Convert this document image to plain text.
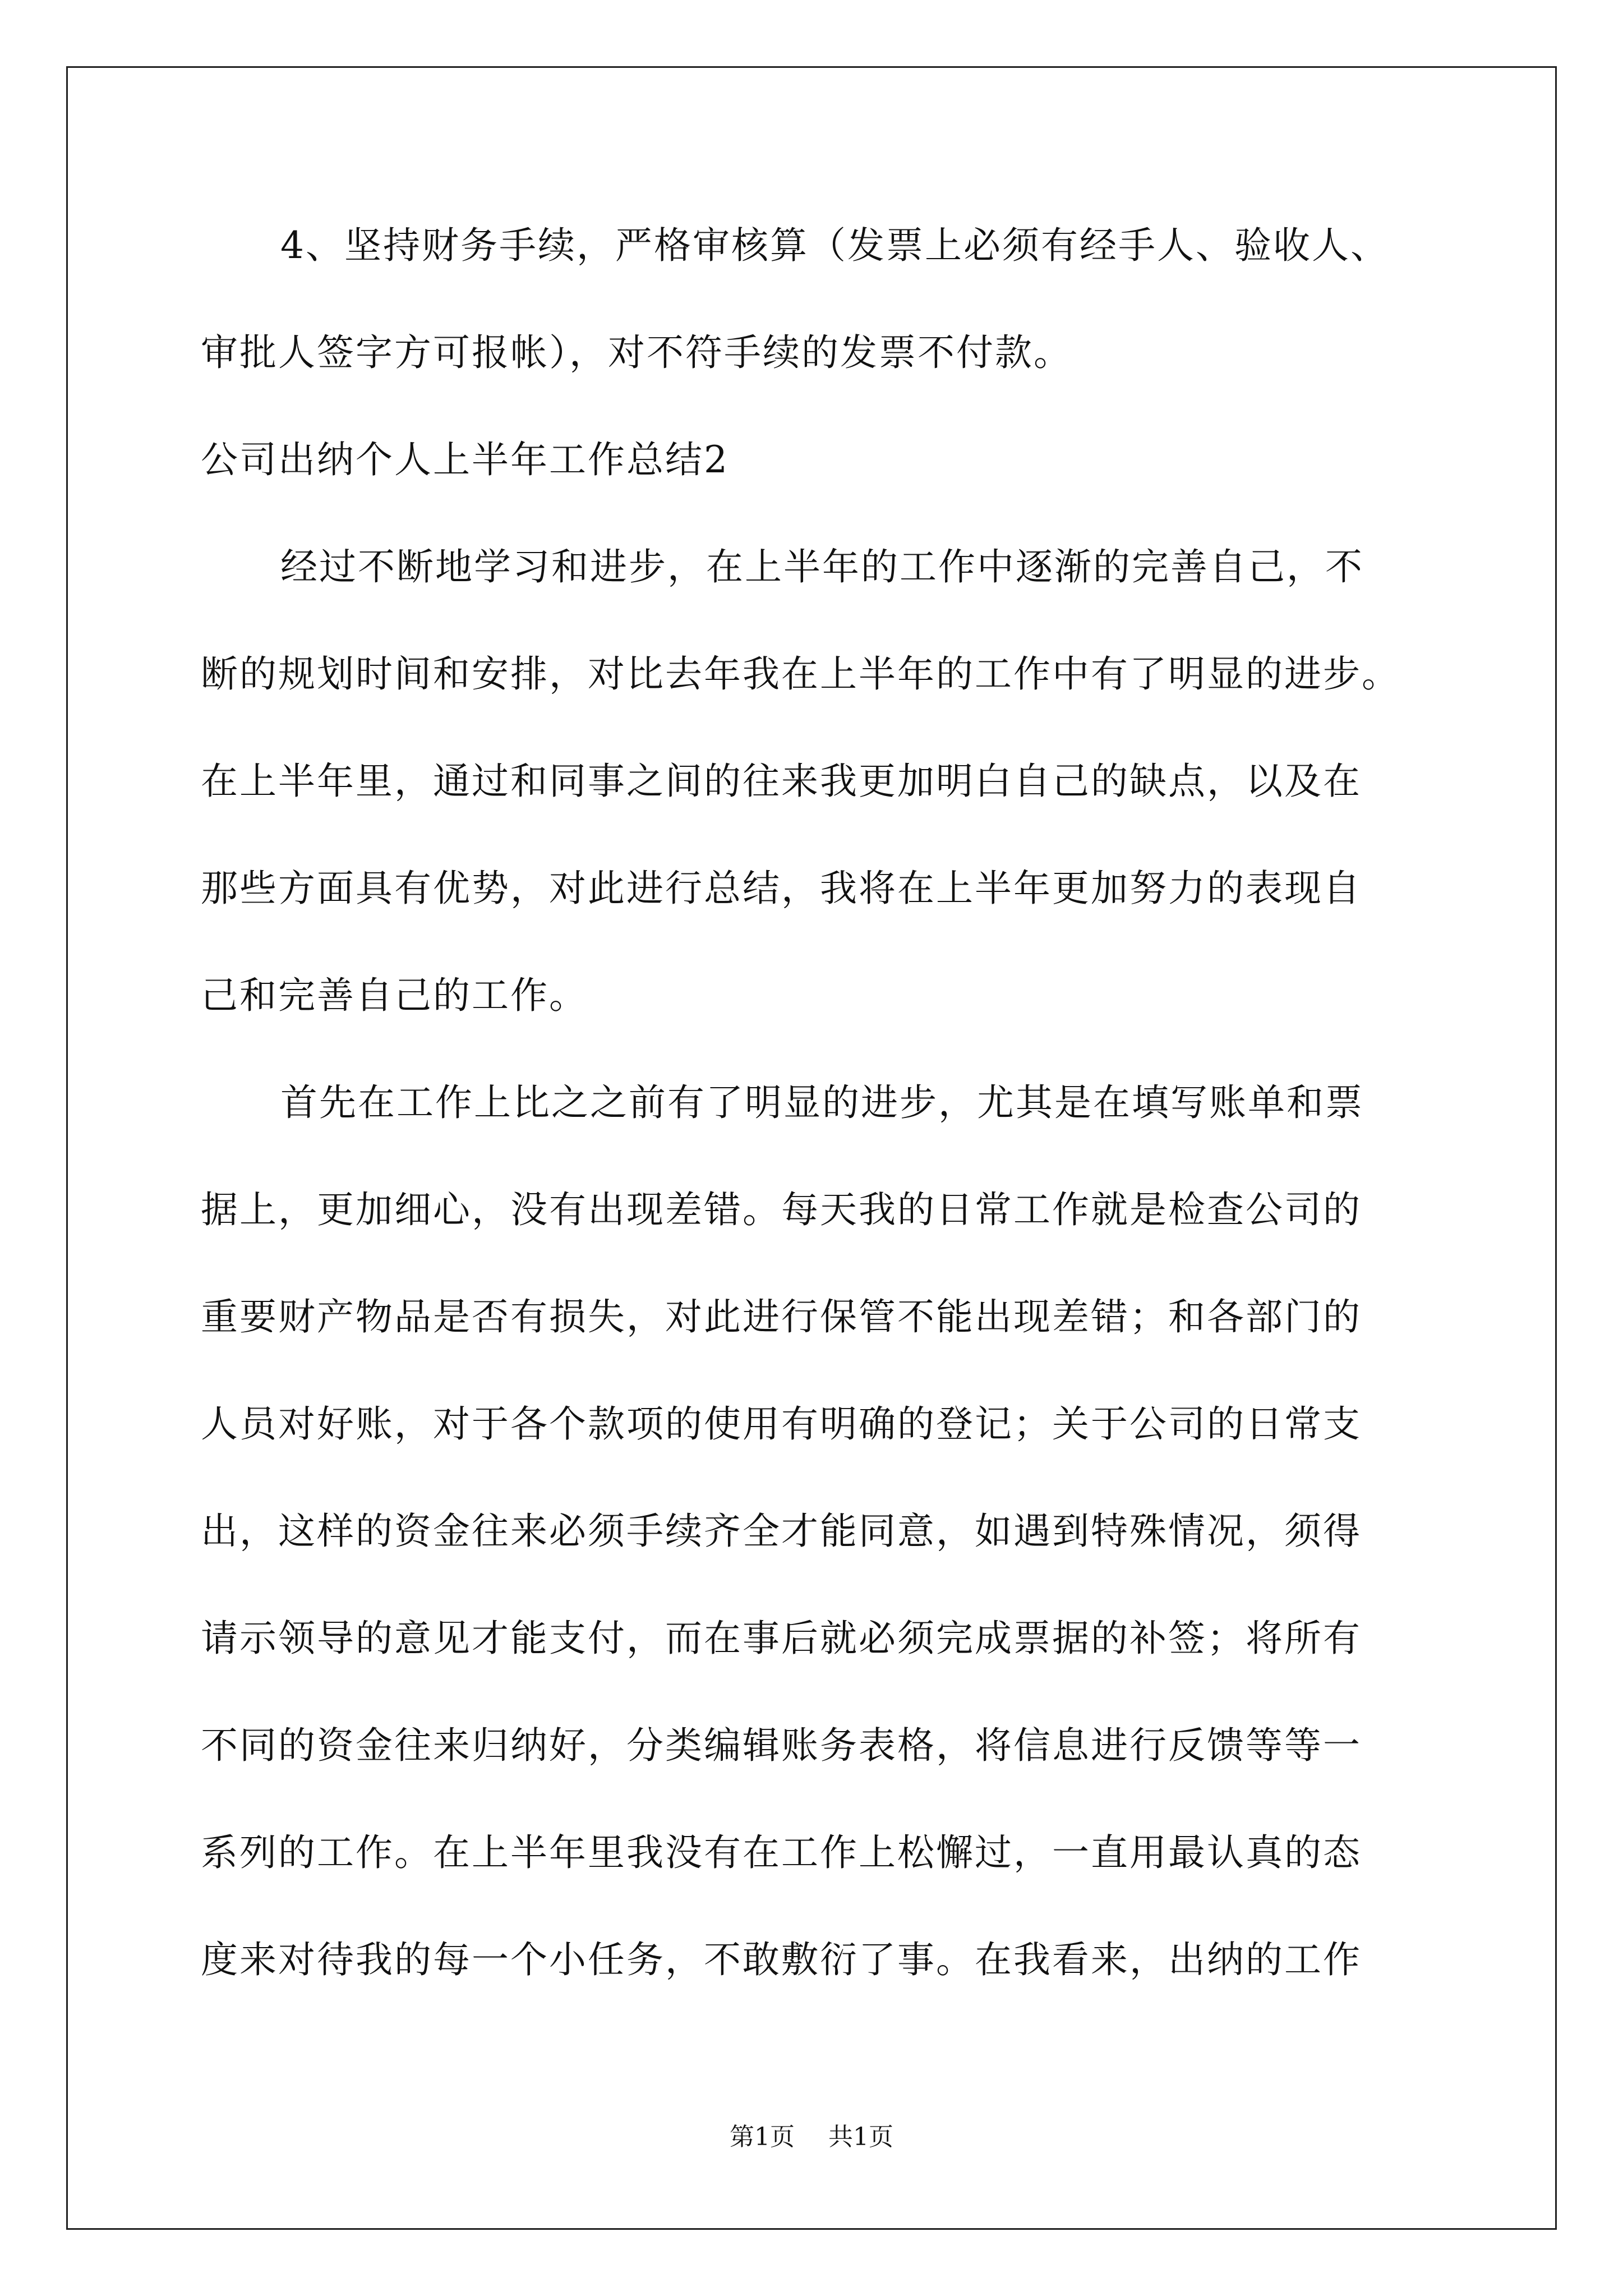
4、坚持财务手续，严格审核算（发票上必须有经手人、验收人、
审批人签字方可报帐），对不符手续的发票不付款。
公司出纳个人上半年工作总结2
经过不断地学习和进步，在上半年的工作中逐渐的完善自己，不
断的规划时间和安排，对比去年我在上半年的工作中有了明显的进步。
在上半年里，通过和同事之间的往来我更加明白自己的缺点，以及在
那些方面具有优势，对此进行总结，我将在上半年更加努力的表现自
己和完善自己的工作。
首先在工作上比之之前有了明显的进步，尤其是在填写账单和票
据上，更加细心，没有出现差错。每天我的日常工作就是检查公司的
重要财产物品是否有损失，对此进行保管不能出现差错；和各部门的
人员对好账，对于各个款项的使用有明确的登记；关于公司的日常支
出，这样的资金往来必须手续齐全才能同意，如遇到特殊情况，须得
请示领导的意见才能支付，而在事后就必须完成票据的补签；将所有
不同的资金往来归纳好，分类编辑账务表格，将信息进行反馈等等一
系列的工作。在上半年里我没有在工作上松懈过，一直用最认真的态
度来对待我的每一个小任务，不敢敷衍了事。在我看来，出纳的工作
第1页 共1页
